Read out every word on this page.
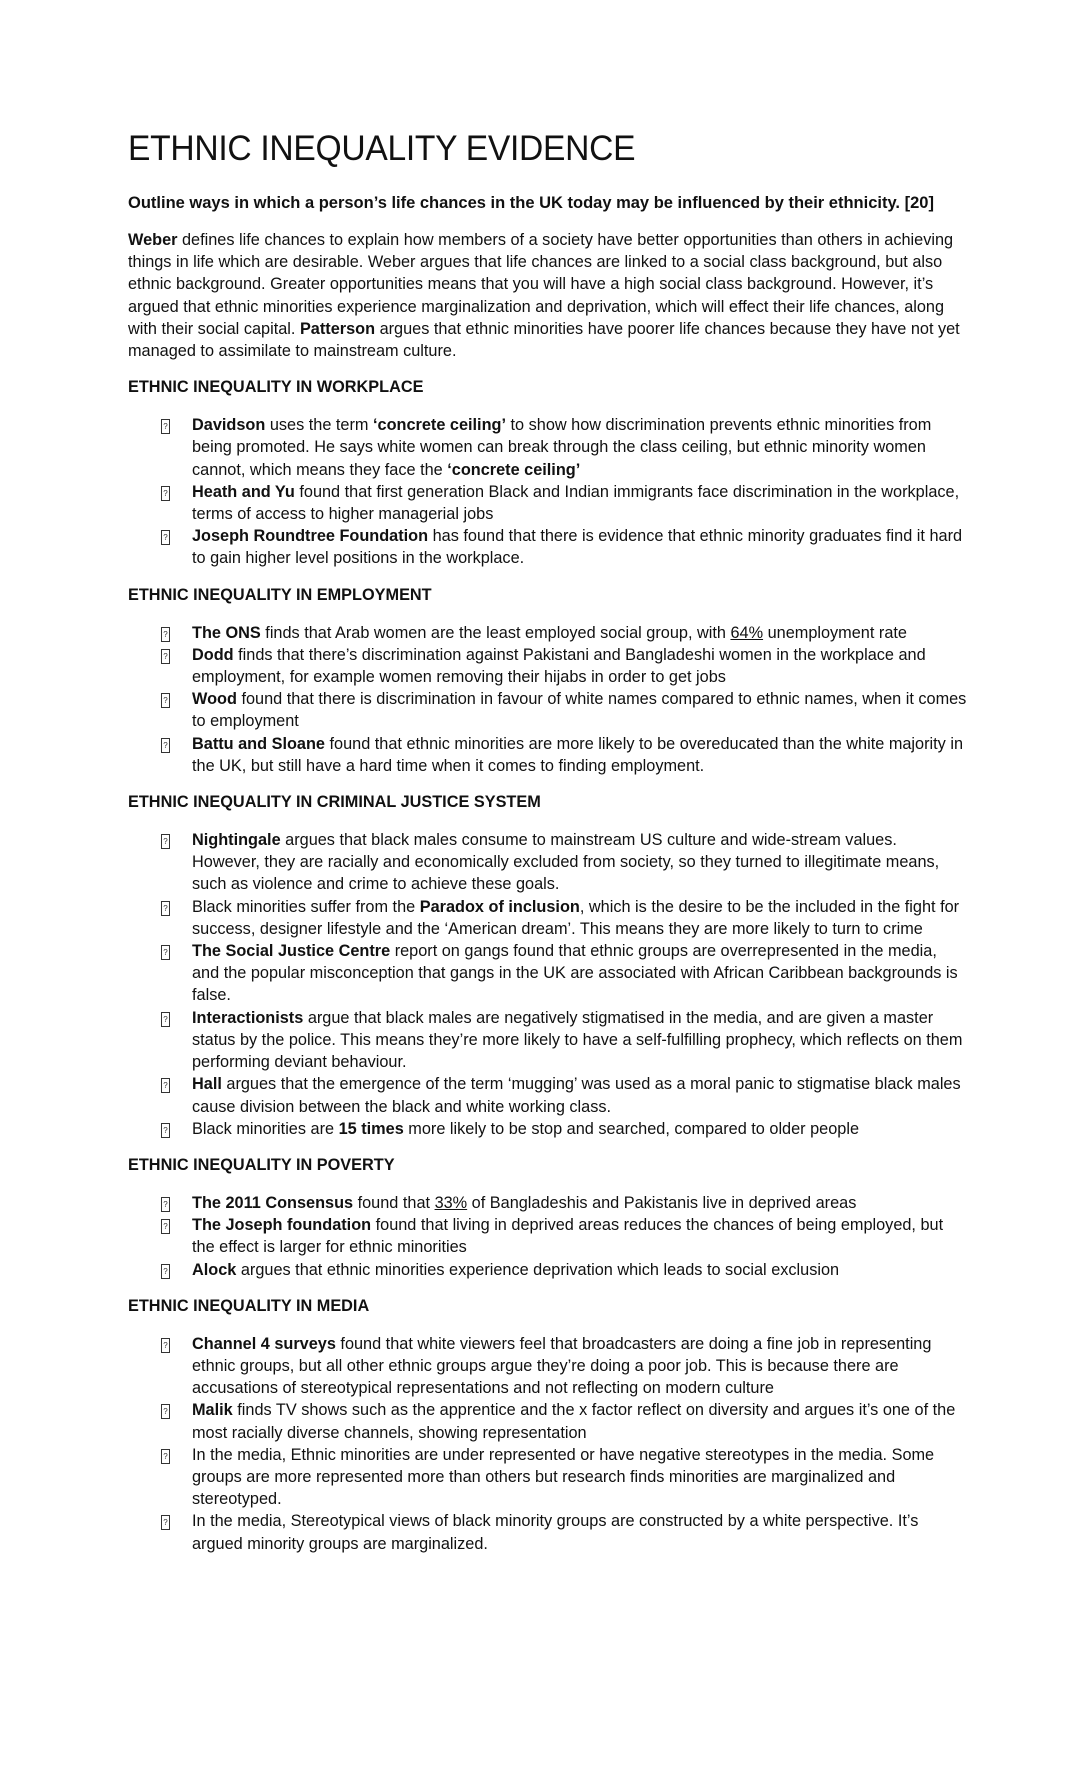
ETHNIC INEQUALITY EVIDENCE

Outline ways in which a person’s life chances in the UK today may be influenced by their ethnicity. [20]

Weber defines life chances to explain how members of a society have better opportunities than others in achieving things in life which are desirable. Weber argues that life chances are linked to a social class background, but also ethnic background. Greater opportunities means that you will have a high social class background. However, it’s argued that ethnic minorities experience marginalization and deprivation, which will effect their life chances, along with their social capital. Patterson argues that ethnic minorities have poorer life chances because they have not yet managed to assimilate to mainstream culture.

ETHNIC INEQUALITY IN WORKPLACE
? Davidson uses the term ‘concrete ceiling’ to show how discrimination prevents ethnic minorities from being promoted. He says white women can break through the class ceiling, but ethnic minority women cannot, which means they face the ‘concrete ceiling’
? Heath and Yu found that first generation Black and Indian immigrants face discrimination in the workplace, terms of access to higher managerial jobs
? Joseph Roundtree Foundation has found that there is evidence that ethnic minority graduates find it hard to gain higher level positions in the workplace.
ETHNIC INEQUALITY IN EMPLOYMENT
? The ONS finds that Arab women are the least employed social group, with 64% unemployment rate
? Dodd finds that there’s discrimination against Pakistani and Bangladeshi women in the workplace and employment, for example women removing their hijabs in order to get jobs
? Wood found that there is discrimination in favour of white names compared to ethnic names, when it comes to employment
? Battu and Sloane found that ethnic minorities are more likely to be overeducated than the white majority in the UK, but still have a hard time when it comes to finding employment.
ETHNIC INEQUALITY IN CRIMINAL JUSTICE SYSTEM
? Nightingale argues that black males consume to mainstream US culture and wide-stream values. However, they are racially and economically excluded from society, so they turned to illegitimate means, such as violence and crime to achieve these goals.
? Black minorities suffer from the Paradox of inclusion, which is the desire to be the included in the fight for success, designer lifestyle and the ‘American dream’. This means they are more likely to turn to crime
? The Social Justice Centre report on gangs found that ethnic groups are overrepresented in the media, and the popular misconception that gangs in the UK are associated with African Caribbean backgrounds is false.
? Interactionists argue that black males are negatively stigmatised in the media, and are given a master status by the police. This means they’re more likely to have a self-fulfilling prophecy, which reflects on them performing deviant behaviour.
? Hall argues that the emergence of the term ‘mugging’ was used as a moral panic to stigmatise black males cause division between the black and white working class.
? Black minorities are 15 times more likely to be stop and searched, compared to older people
ETHNIC INEQUALITY IN POVERTY
? The 2011 Consensus found that 33% of Bangladeshis and Pakistanis live in deprived areas
? The Joseph foundation found that living in deprived areas reduces the chances of being employed, but the effect is larger for ethnic minorities
? Alock argues that ethnic minorities experience deprivation which leads to social exclusion
ETHNIC INEQUALITY IN MEDIA
? Channel 4 surveys found that white viewers feel that broadcasters are doing a fine job in representing ethnic groups, but all other ethnic groups argue they’re doing a poor job. This is because there are accusations of stereotypical representations and not reflecting on modern culture
? Malik finds TV shows such as the apprentice and the x factor reflect on diversity and argues it’s one of the most racially diverse channels, showing representation
? In the media, Ethnic minorities are under represented or have negative stereotypes in the media. Some groups are more represented more than others but research finds minorities are marginalized and stereotyped.
? In the media, Stereotypical views of black minority groups are constructed by a white perspective. It’s argued minority groups are marginalized.
